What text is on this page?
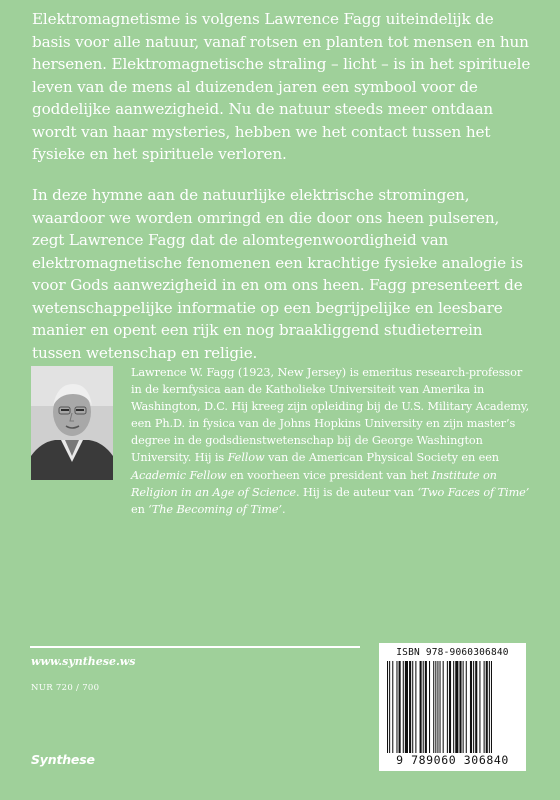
Elektromagnetisme is volgens Lawrence Fagg uiteindelijk de basis voor alle natuur, vanaf rotsen en planten tot mensen en hun hersenen. Elektromagnetische straling – licht – is in het spirituele leven van de mens al duizenden jaren een symbool voor de goddelijke aanwezigheid. Nu de natuur steeds meer ontdaan wordt van haar mysteries, hebben we het contact tussen het fysieke en het spirituele verloren.

In deze hymne aan de natuurlijke elektrische stromingen, waardoor we worden omringd en die door ons heen pulseren, zegt Lawrence Fagg dat de alomtegenwoordigheid van elektromagnetische fenomenen een krachtige fysieke analogie is voor Gods aanwezigheid in en om ons heen. Fagg presenteert de wetenschappelijke informatie op een begrijpelijke en leesbare manier en opent een rijk en nog braakliggend studieterrein tussen wetenschap en religie.

Lawrence W. Fagg (1923, New Jersey) is emeritus research-professor in de kernfysica aan de Katholieke Universiteit van Amerika in Washington, D.C. Hij kreeg zijn opleiding bij de U.S. Military Academy, een Ph.D. in fysica van de Johns Hopkins University en zijn master’s degree in de godsdienstwetenschap bij de George Washington University. Hij is Fellow van de American Physical Society en een Academic Fellow en voorheen vice president van het Institute on Religion in an Age of Science. Hij is de auteur van ‘Two Faces of Time’ en ‘The Becoming of Time’.

www.synthese.ws
NUR 720 / 700
Synthese
ISBN 978-9060306840
9 789060 306840
